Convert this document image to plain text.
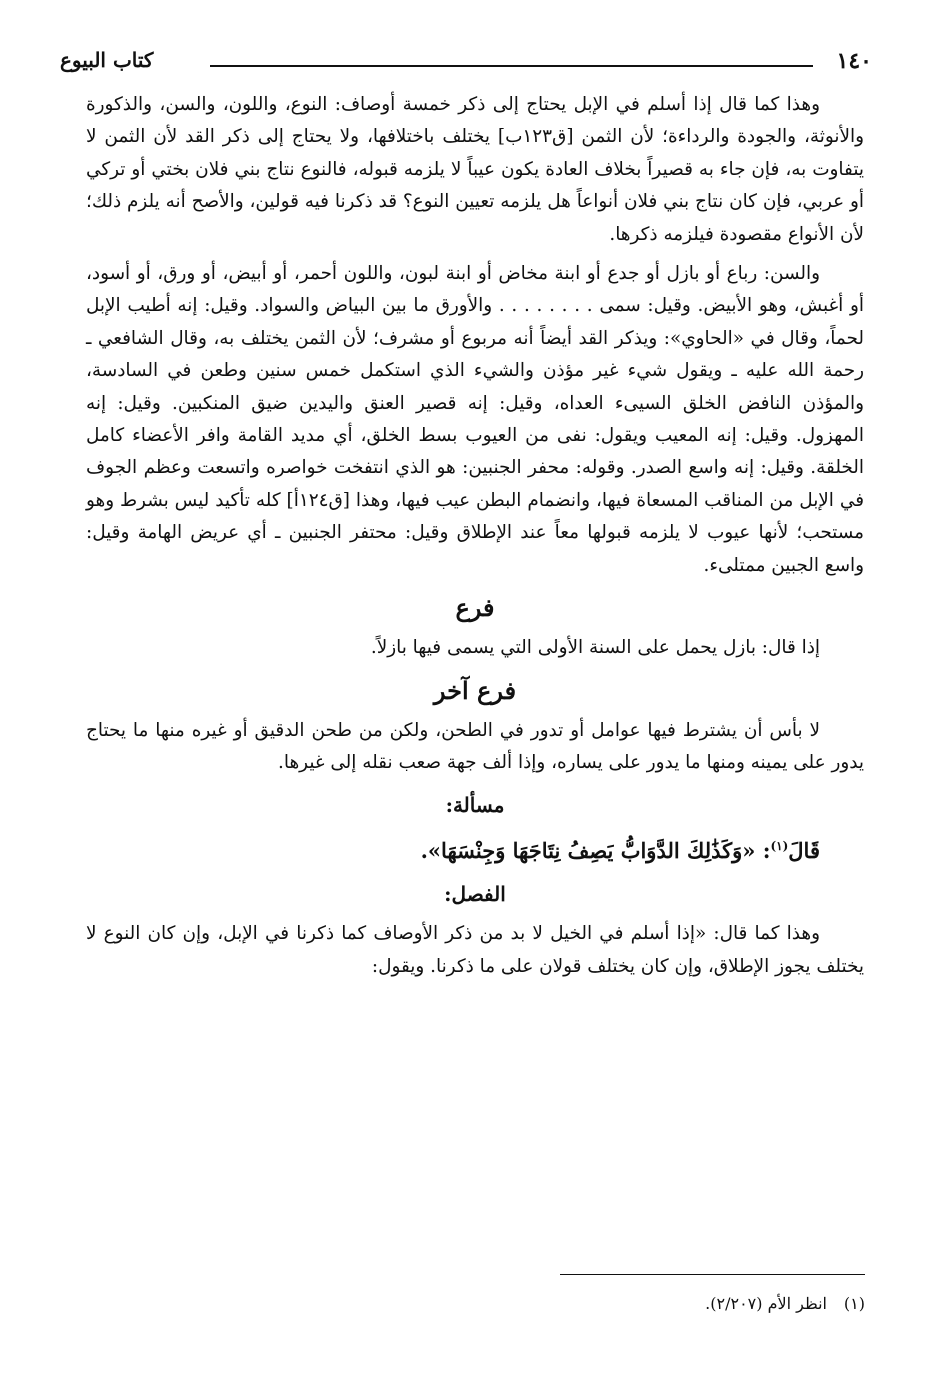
١٤٠
كتاب البيوع

وهذا كما قال إذا أسلم في الإبل يحتاج إلى ذكر خمسة أوصاف: النوع، واللون، والسن، والذكورة والأنوثة، والجودة والرداءة؛ لأن الثمن [ق١٢٣ب] يختلف باختلافها، ولا يحتاج إلى ذكر القد لأن الثمن لا يتفاوت به، فإن جاء به قصيراً بخلاف العادة يكون عيباً لا يلزمه قبوله، فالنوع نتاج بني فلان بختي أو تركي أو عربي، فإن كان نتاج بني فلان أنواعاً هل يلزمه تعيين النوع؟ قد ذكرنا فيه قولين، والأصح أنه يلزم ذلك؛ لأن الأنواع مقصودة فيلزمه ذكرها.

والسن: رباع أو بازل أو جدع أو ابنة مخاض أو ابنة لبون، واللون أحمر، أو أبيض، أو ورق، أو أسود، أو أغبش، وهو الأبيض. وقيل: سمى . . . . . . . . والأورق ما بين البياض والسواد. وقيل: إنه أطيب الإبل لحماً، وقال في «الحاوي»: ويذكر القد أيضاً أنه مربوع أو مشرف؛ لأن الثمن يختلف به، وقال الشافعي ـ رحمة الله عليه ـ ويقول شيء غير مؤذن والشيء الذي استكمل خمس سنين وطعن في السادسة، والمؤذن النافض الخلق السيىء العداه، وقيل: إنه قصير العنق واليدين ضيق المنكبين. وقيل: إنه المهزول. وقيل: إنه المعيب ويقول: نفى من العيوب بسط الخلق، أي مديد القامة وافر الأعضاء كامل الخلقة. وقيل: إنه واسع الصدر. وقوله: محفر الجنبين: هو الذي انتفخت خواصره واتسعت وعظم الجوف في الإبل من المناقب المسعاة فيها، وانضمام البطن عيب فيها، وهذا [ق١٢٤أ] كله تأكيد ليس بشرط وهو مستحب؛ لأنها عيوب لا يلزمه قبولها معاً عند الإطلاق وقيل: محتفر الجنبين ـ أي عريض الهامة وقيل: واسع الجبين ممتلىء.

فرع

إذا قال: بازل يحمل على السنة الأولى التي يسمى فيها بازلاً.

فرع آخر

لا بأس أن يشترط فيها عوامل أو تدور في الطحن، ولكن من طحن الدقيق أو غيره منها ما يحتاج يدور على يمينه ومنها ما يدور على يساره، وإذا ألف جهة صعب نقله إلى غيرها.

مسألة:

قَالَ$^{(١)}$: «وَكَذَٰلِكَ الدَّوَابُّ يَصِفُ نِتَاجَهَا وَجِنْسَهَا».

الفصل:

وهذا كما قال: «إذا أسلم في الخيل لا بد من ذكر الأوصاف كما ذكرنا في الإبل، وإن كان النوع لا يختلف يجوز الإطلاق، وإن كان يختلف قولان على ما ذكرنا. ويقول:

(١)انظر الأم (٢/٢٠٧).
